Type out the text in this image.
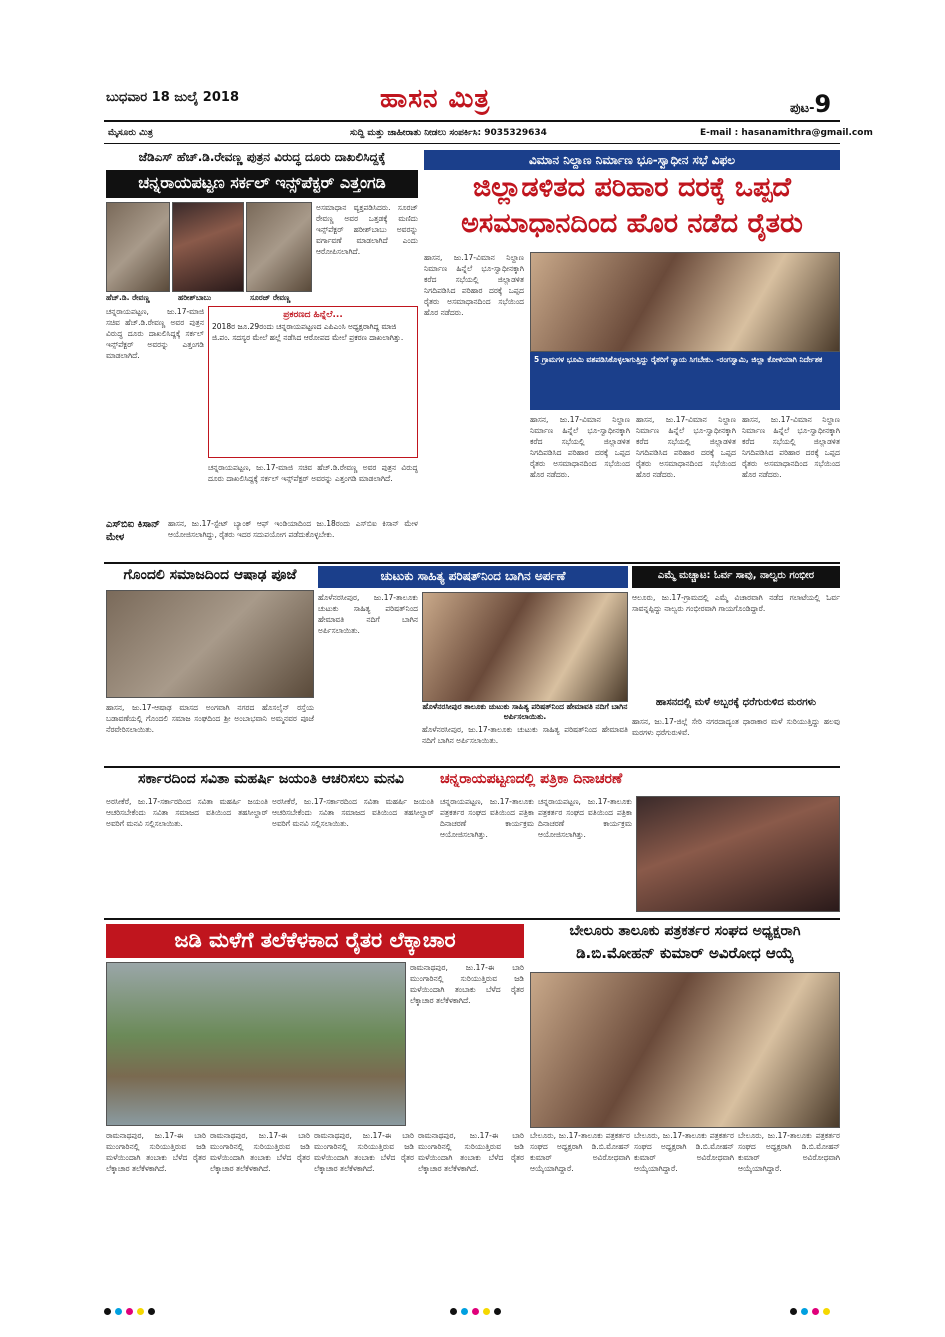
ಬುಧವಾರ 18 ಜುಲೈ 2018	ಹಾಸನ ಮಿತ್ರ	ಪುಟ-9
ಮೈಸೂರು ಮಿತ್ರ	ಸುದ್ದಿ ಮತ್ತು ಜಾಹೀರಾತು ನೀಡಲು ಸಂಪರ್ಕಿಸಿ: 9035329634	E-mail : hasanamithra@gmail.com
ಜೆಡಿಎಸ್ ಹೆಚ್.ಡಿ.ರೇವಣ್ಣ ಪುತ್ರನ ವಿರುದ್ಧ ದೂರು ದಾಖಲಿಸಿದ್ದಕ್ಕೆ
ಚನ್ನರಾಯಪಟ್ಟಣ ಸರ್ಕಲ್ ಇನ್ಸ್‌ಪೆಕ್ಟರ್ ಎತ್ತಂಗಡಿ
ಹೆಚ್.ಡಿ. ರೇವಣ್ಣ	ಹರೀಶ್‌ಬಾಬು	ಸೂರಜ್ ರೇವಣ್ಣ
ಅಸಮಾಧಾನ ವ್ಯಕ್ತಪಡಿಸಿದರು. ಸೂರಜ್ ರೇವಣ್ಣ ಅವರ ಒತ್ತಡಕ್ಕೆ ಮಣಿದು ಇನ್ಸ್‌ಪೆಕ್ಟರ್ ಹರೀಶ್‌ಬಾಬು ಅವರನ್ನು ವರ್ಗಾವಣೆ ಮಾಡಲಾಗಿದೆ ಎಂದು ಆರೋಪಿಸಲಾಗಿದೆ.
ಚನ್ನರಾಯಪಟ್ಟಣ, ಜು.17-ಮಾಜಿ ಸಚಿವ ಹೆಚ್.ಡಿ.ರೇವಣ್ಣ ಅವರ ಪುತ್ರನ ವಿರುದ್ಧ ದೂರು ದಾಖಲಿಸಿದ್ದಕ್ಕೆ ಸರ್ಕಲ್ ಇನ್ಸ್‌ಪೆಕ್ಟರ್ ಅವರನ್ನು ಎತ್ತಂಗಡಿ ಮಾಡಲಾಗಿದೆ.
ಪ್ರಕರಣದ ಹಿನ್ನೆಲೆ...
2018ರ ಜೂ.29ರಂದು ಚನ್ನರಾಯಪಟ್ಟಣದ ಎಪಿಎಂಸಿ ಅಧ್ಯಕ್ಷರಾಗಿದ್ದ ಮಾಜಿ ಜಿ.ಪಂ. ಸದಸ್ಯರ ಮೇಲೆ ಹಲ್ಲೆ ನಡೆಸಿದ ಆರೋಪದ ಮೇಲೆ ಪ್ರಕರಣ ದಾಖಲಾಗಿತ್ತು.
ಚನ್ನರಾಯಪಟ್ಟಣ, ಜು.17-ಮಾಜಿ ಸಚಿವ ಹೆಚ್.ಡಿ.ರೇವಣ್ಣ ಅವರ ಪುತ್ರನ ವಿರುದ್ಧ ದೂರು ದಾಖಲಿಸಿದ್ದಕ್ಕೆ ಸರ್ಕಲ್ ಇನ್ಸ್‌ಪೆಕ್ಟರ್ ಅವರನ್ನು ಎತ್ತಂಗಡಿ ಮಾಡಲಾಗಿದೆ.
ವಿಮಾನ ನಿಲ್ದಾಣ ನಿರ್ಮಾಣ ಭೂ-ಸ್ವಾಧೀನ ಸಭೆ ವಿಫಲ
ಜಿಲ್ಲಾಡಳಿತದ ಪರಿಹಾರ ದರಕ್ಕೆ ಒಪ್ಪದೆ
ಅಸಮಾಧಾನದಿಂದ ಹೊರ ನಡೆದ ರೈತರು
ಹಾಸನ, ಜು.17-ವಿಮಾನ ನಿಲ್ದಾಣ ನಿರ್ಮಾಣ ಹಿನ್ನೆಲೆ ಭೂ-ಸ್ವಾಧೀನಕ್ಕಾಗಿ ಕರೆದ ಸಭೆಯಲ್ಲಿ ಜಿಲ್ಲಾಡಳಿತ ನಿಗದಿಪಡಿಸಿದ ಪರಿಹಾರ ದರಕ್ಕೆ ಒಪ್ಪದ ರೈತರು ಅಸಮಾಧಾನದಿಂದ ಸಭೆಯಿಂದ ಹೊರ ನಡೆದರು.
5 ಗ್ರಾಮಗಳ ಭೂಮಿ ವಶಪಡಿಸಿಕೊಳ್ಳಲಾಗುತ್ತಿದ್ದು ರೈತರಿಗೆ ನ್ಯಾಯ ಸಿಗಬೇಕು. -ರಂಗಸ್ವಾಮಿ, ಜಿಲ್ಲಾ ಕೋಳಿಯಾಗಿ ನಿರ್ದೇಶಕ
ಹಾಸನ, ಜು.17-ವಿಮಾನ ನಿಲ್ದಾಣ ನಿರ್ಮಾಣ ಹಿನ್ನೆಲೆ ಭೂ-ಸ್ವಾಧೀನಕ್ಕಾಗಿ ಕರೆದ ಸಭೆಯಲ್ಲಿ ಜಿಲ್ಲಾಡಳಿತ ನಿಗದಿಪಡಿಸಿದ ಪರಿಹಾರ ದರಕ್ಕೆ ಒಪ್ಪದ ರೈತರು ಅಸಮಾಧಾನದಿಂದ ಸಭೆಯಿಂದ ಹೊರ ನಡೆದರು.
ಹಾಸನ, ಜು.17-ವಿಮಾನ ನಿಲ್ದಾಣ ನಿರ್ಮಾಣ ಹಿನ್ನೆಲೆ ಭೂ-ಸ್ವಾಧೀನಕ್ಕಾಗಿ ಕರೆದ ಸಭೆಯಲ್ಲಿ ಜಿಲ್ಲಾಡಳಿತ ನಿಗದಿಪಡಿಸಿದ ಪರಿಹಾರ ದರಕ್ಕೆ ಒಪ್ಪದ ರೈತರು ಅಸಮಾಧಾನದಿಂದ ಸಭೆಯಿಂದ ಹೊರ ನಡೆದರು.
ಹಾಸನ, ಜು.17-ವಿಮಾನ ನಿಲ್ದಾಣ ನಿರ್ಮಾಣ ಹಿನ್ನೆಲೆ ಭೂ-ಸ್ವಾಧೀನಕ್ಕಾಗಿ ಕರೆದ ಸಭೆಯಲ್ಲಿ ಜಿಲ್ಲಾಡಳಿತ ನಿಗದಿಪಡಿಸಿದ ಪರಿಹಾರ ದರಕ್ಕೆ ಒಪ್ಪದ ರೈತರು ಅಸಮಾಧಾನದಿಂದ ಸಭೆಯಿಂದ ಹೊರ ನಡೆದರು.
ಎಸ್‌ಬಿಐ ಕಿಸಾನ್ ಮೇಳ
ಹಾಸನ, ಜು.17-ಸ್ಟೇಟ್ ಬ್ಯಾಂಕ್ ಆಫ್ ಇಂಡಿಯಾದಿಂದ ಜು.18ರಂದು ಎಸ್‌ಬಿಐ ಕಿಸಾನ್ ಮೇಳ ಆಯೋಜಿಸಲಾಗಿದ್ದು, ರೈತರು ಇದರ ಸದುಪಯೋಗ ಪಡೆದುಕೊಳ್ಳಬೇಕು.
ಗೊಂದಲಿ ಸಮಾಜದಿಂದ ಆಷಾಢ ಪೂಜೆ
ಹಾಸನ, ಜು.17-ಆಷಾಢ ಮಾಸದ ಅಂಗವಾಗಿ ನಗರದ ಹೊಸಲೈನ್ ರಸ್ತೆಯ ಬಡಾವಣೆಯಲ್ಲಿ ಗೊಂದಲಿ ಸಮಾಜ ಸಂಘದಿಂದ ಶ್ರೀ ಅಂಬಾಭವಾನಿ ಅಮ್ಮನವರ ಪೂಜೆ ನೆರವೇರಿಸಲಾಯಿತು.
ಚುಟುಕು ಸಾಹಿತ್ಯ ಪರಿಷತ್‌ನಿಂದ ಬಾಗಿನ ಅರ್ಪಣೆ
ಹೊಳೆನರಸೀಪುರ, ಜು.17-ತಾಲೂಕು ಚುಟುಕು ಸಾಹಿತ್ಯ ಪರಿಷತ್‌ನಿಂದ ಹೇಮಾವತಿ ನದಿಗೆ ಬಾಗಿನ ಅರ್ಪಿಸಲಾಯಿತು.
ಹೊಳೆನರಸೀಪುರ ತಾಲೂಕು ಚುಟುಕು ಸಾಹಿತ್ಯ ಪರಿಷತ್‌ನಿಂದ ಹೇಮಾವತಿ ನದಿಗೆ ಬಾಗಿನ ಅರ್ಪಿಸಲಾಯಿತು.
ಹೊಳೆನರಸೀಪುರ, ಜು.17-ತಾಲೂಕು ಚುಟುಕು ಸಾಹಿತ್ಯ ಪರಿಷತ್‌ನಿಂದ ಹೇಮಾವತಿ ನದಿಗೆ ಬಾಗಿನ ಅರ್ಪಿಸಲಾಯಿತು.
ಎಮ್ಮೆ ಮಚ್ಚಾಟ: ಓರ್ವ ಸಾವು, ನಾಲ್ವರು ಗಂಭೀರ
ಆಲೂರು, ಜು.17-ಗ್ರಾಮದಲ್ಲಿ ಎಮ್ಮೆ ವಿಚಾರವಾಗಿ ನಡೆದ ಗಲಾಟೆಯಲ್ಲಿ ಓರ್ವ ಸಾವನ್ನಪ್ಪಿದ್ದು ನಾಲ್ವರು ಗಂಭೀರವಾಗಿ ಗಾಯಗೊಂಡಿದ್ದಾರೆ.
ಹಾಸನದಲ್ಲಿ ಮಳೆ ಅಬ್ಬರಕ್ಕೆ ಧರೆಗುರುಳಿದ ಮರಗಳು
ಹಾಸನ, ಜು.17-ಜಿಲ್ಲೆ ಸೇರಿ ನಗರದಾದ್ಯಂತ ಧಾರಾಕಾರ ಮಳೆ ಸುರಿಯುತ್ತಿದ್ದು ಹಲವು ಮರಗಳು ಧರೆಗುರುಳಿವೆ.
ಸರ್ಕಾರದಿಂದ ಸವಿತಾ ಮಹರ್ಷಿ ಜಯಂತಿ ಆಚರಿಸಲು ಮನವಿ
ಅರಸೀಕೆರೆ, ಜು.17-ಸರ್ಕಾರದಿಂದ ಸವಿತಾ ಮಹರ್ಷಿ ಜಯಂತಿ ಆಚರಿಸಬೇಕೆಂದು ಸವಿತಾ ಸಮಾಜದ ವತಿಯಿಂದ ತಹಸೀಲ್ದಾರ್ ಅವರಿಗೆ ಮನವಿ ಸಲ್ಲಿಸಲಾಯಿತು.
ಅರಸೀಕೆರೆ, ಜು.17-ಸರ್ಕಾರದಿಂದ ಸವಿತಾ ಮಹರ್ಷಿ ಜಯಂತಿ ಆಚರಿಸಬೇಕೆಂದು ಸವಿತಾ ಸಮಾಜದ ವತಿಯಿಂದ ತಹಸೀಲ್ದಾರ್ ಅವರಿಗೆ ಮನವಿ ಸಲ್ಲಿಸಲಾಯಿತು.
ಚನ್ನರಾಯಪಟ್ಟಣದಲ್ಲಿ ಪತ್ರಿಕಾ ದಿನಾಚರಣೆ
ಚನ್ನರಾಯಪಟ್ಟಣ, ಜು.17-ತಾಲೂಕು ಪತ್ರಕರ್ತರ ಸಂಘದ ವತಿಯಿಂದ ಪತ್ರಿಕಾ ದಿನಾಚರಣೆ ಕಾರ್ಯಕ್ರಮ ಆಯೋಜಿಸಲಾಗಿತ್ತು.
ಚನ್ನರಾಯಪಟ್ಟಣ, ಜು.17-ತಾಲೂಕು ಪತ್ರಕರ್ತರ ಸಂಘದ ವತಿಯಿಂದ ಪತ್ರಿಕಾ ದಿನಾಚರಣೆ ಕಾರ್ಯಕ್ರಮ ಆಯೋಜಿಸಲಾಗಿತ್ತು.
ಜಡಿ ಮಳೆಗೆ ತಲೆಕೆಳಕಾದ ರೈತರ ಲೆಕ್ಕಾಚಾರ
ರಾಮನಾಥಪುರ, ಜು.17-ಈ ಬಾರಿ ಮುಂಗಾರಿನಲ್ಲಿ ಸುರಿಯುತ್ತಿರುವ ಜಡಿ ಮಳೆಯಿಂದಾಗಿ ತಂಬಾಕು ಬೆಳೆದ ರೈತರ ಲೆಕ್ಕಾಚಾರ ತಲೆಕೆಳಕಾಗಿದೆ.
ರಾಮನಾಥಪುರ, ಜು.17-ಈ ಬಾರಿ ಮುಂಗಾರಿನಲ್ಲಿ ಸುರಿಯುತ್ತಿರುವ ಜಡಿ ಮಳೆಯಿಂದಾಗಿ ತಂಬಾಕು ಬೆಳೆದ ರೈತರ ಲೆಕ್ಕಾಚಾರ ತಲೆಕೆಳಕಾಗಿದೆ.
ರಾಮನಾಥಪುರ, ಜು.17-ಈ ಬಾರಿ ಮುಂಗಾರಿನಲ್ಲಿ ಸುರಿಯುತ್ತಿರುವ ಜಡಿ ಮಳೆಯಿಂದಾಗಿ ತಂಬಾಕು ಬೆಳೆದ ರೈತರ ಲೆಕ್ಕಾಚಾರ ತಲೆಕೆಳಕಾಗಿದೆ.
ರಾಮನಾಥಪುರ, ಜು.17-ಈ ಬಾರಿ ಮುಂಗಾರಿನಲ್ಲಿ ಸುರಿಯುತ್ತಿರುವ ಜಡಿ ಮಳೆಯಿಂದಾಗಿ ತಂಬಾಕು ಬೆಳೆದ ರೈತರ ಲೆಕ್ಕಾಚಾರ ತಲೆಕೆಳಕಾಗಿದೆ.
ರಾಮನಾಥಪುರ, ಜು.17-ಈ ಬಾರಿ ಮುಂಗಾರಿನಲ್ಲಿ ಸುರಿಯುತ್ತಿರುವ ಜಡಿ ಮಳೆಯಿಂದಾಗಿ ತಂಬಾಕು ಬೆಳೆದ ರೈತರ ಲೆಕ್ಕಾಚಾರ ತಲೆಕೆಳಕಾಗಿದೆ.
ಬೇಲೂರು ತಾಲೂಕು ಪತ್ರಕರ್ತರ ಸಂಘದ ಅಧ್ಯಕ್ಷರಾಗಿ
ಡಿ.ಬಿ.ಮೋಹನ್ ಕುಮಾರ್ ಅವಿರೋಧ ಆಯ್ಕೆ
ಬೇಲೂರು, ಜು.17-ತಾಲೂಕು ಪತ್ರಕರ್ತರ ಸಂಘದ ಅಧ್ಯಕ್ಷರಾಗಿ ಡಿ.ಬಿ.ಮೋಹನ್ ಕುಮಾರ್ ಅವಿರೋಧವಾಗಿ ಆಯ್ಕೆಯಾಗಿದ್ದಾರೆ.
ಬೇಲೂರು, ಜು.17-ತಾಲೂಕು ಪತ್ರಕರ್ತರ ಸಂಘದ ಅಧ್ಯಕ್ಷರಾಗಿ ಡಿ.ಬಿ.ಮೋಹನ್ ಕುಮಾರ್ ಅವಿರೋಧವಾಗಿ ಆಯ್ಕೆಯಾಗಿದ್ದಾರೆ.
ಬೇಲೂರು, ಜು.17-ತಾಲೂಕು ಪತ್ರಕರ್ತರ ಸಂಘದ ಅಧ್ಯಕ್ಷರಾಗಿ ಡಿ.ಬಿ.ಮೋಹನ್ ಕುಮಾರ್ ಅವಿರೋಧವಾಗಿ ಆಯ್ಕೆಯಾಗಿದ್ದಾರೆ.
